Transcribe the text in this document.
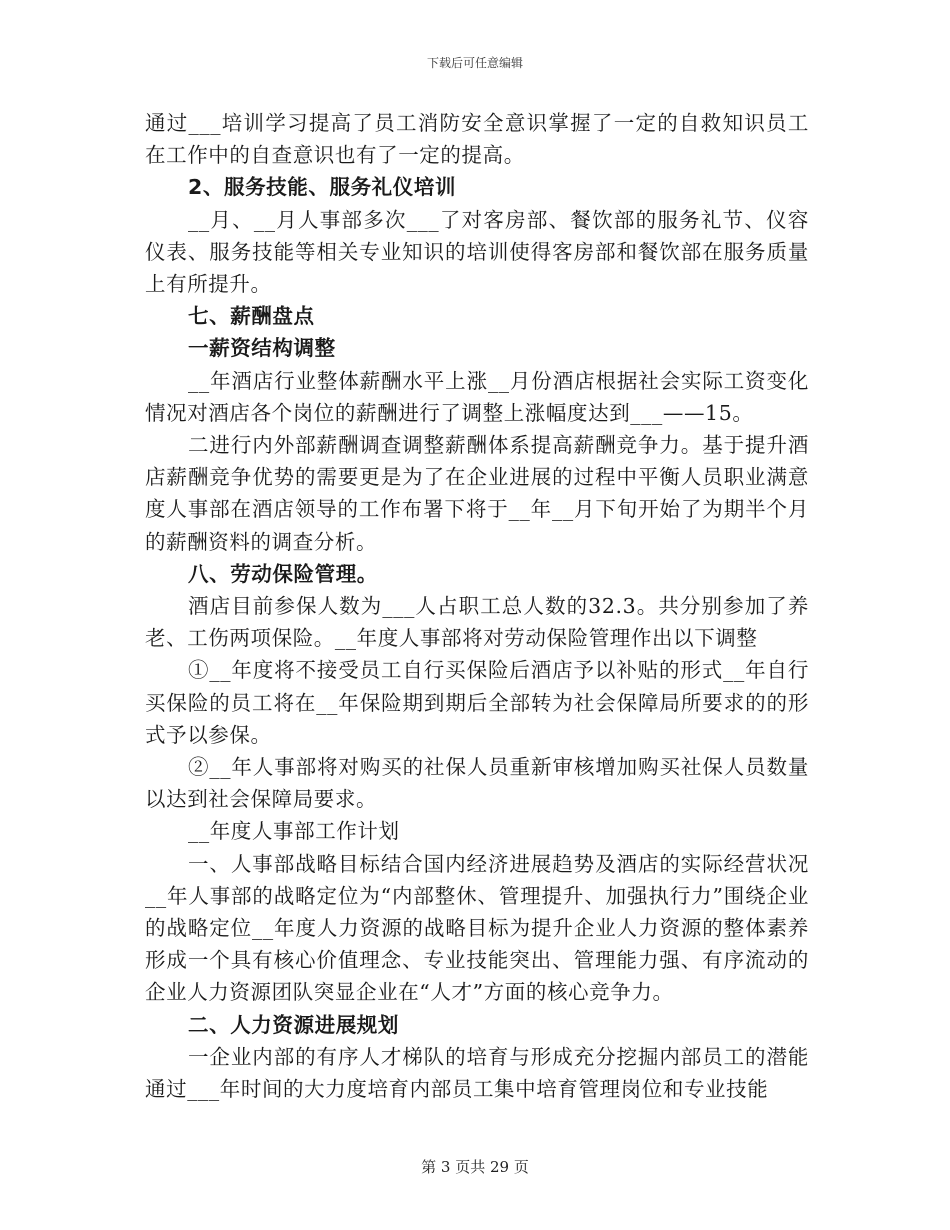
下载后可任意编辑

通过___培训学习提高了员工消防安全意识掌握了一定的自救知识员工在工作中的自查意识也有了一定的提高。

2、服务技能、服务礼仪培训

__月、__月人事部多次___了对客房部、餐饮部的服务礼节、仪容仪表、服务技能等相关专业知识的培训使得客房部和餐饮部在服务质量上有所提升。

七、薪酬盘点

一薪资结构调整

__年酒店行业整体薪酬水平上涨__月份酒店根据社会实际工资变化情况对酒店各个岗位的薪酬进行了调整上涨幅度达到___——15。

二进行内外部薪酬调查调整薪酬体系提高薪酬竞争力。基于提升酒店薪酬竞争优势的需要更是为了在企业进展的过程中平衡人员职业满意度人事部在酒店领导的工作布署下将于__年__月下旬开始了为期半个月的薪酬资料的调查分析。

八、劳动保险管理。

酒店目前参保人数为___人占职工总人数的32.3。共分别参加了养老、工伤两项保险。__年度人事部将对劳动保险管理作出以下调整

①__年度将不接受员工自行买保险后酒店予以补贴的形式__年自行买保险的员工将在__年保险期到期后全部转为社会保障局所要求的的形式予以参保。

②__年人事部将对购买的社保人员重新审核增加购买社保人员数量以达到社会保障局要求。

__年度人事部工作计划

一、人事部战略目标结合国内经济进展趋势及酒店的实际经营状况__年人事部的战略定位为“内部整休、管理提升、加强执行力”围绕企业的战略定位__年度人力资源的战略目标为提升企业人力资源的整体素养形成一个具有核心价值理念、专业技能突出、管理能力强、有序流动的企业人力资源团队突显企业在“人才”方面的核心竞争力。

二、人力资源进展规划

一企业内部的有序人才梯队的培育与形成充分挖掘内部员工的潜能通过___年时间的大力度培育内部员工集中培育管理岗位和专业技能

第 3 页共 29 页
